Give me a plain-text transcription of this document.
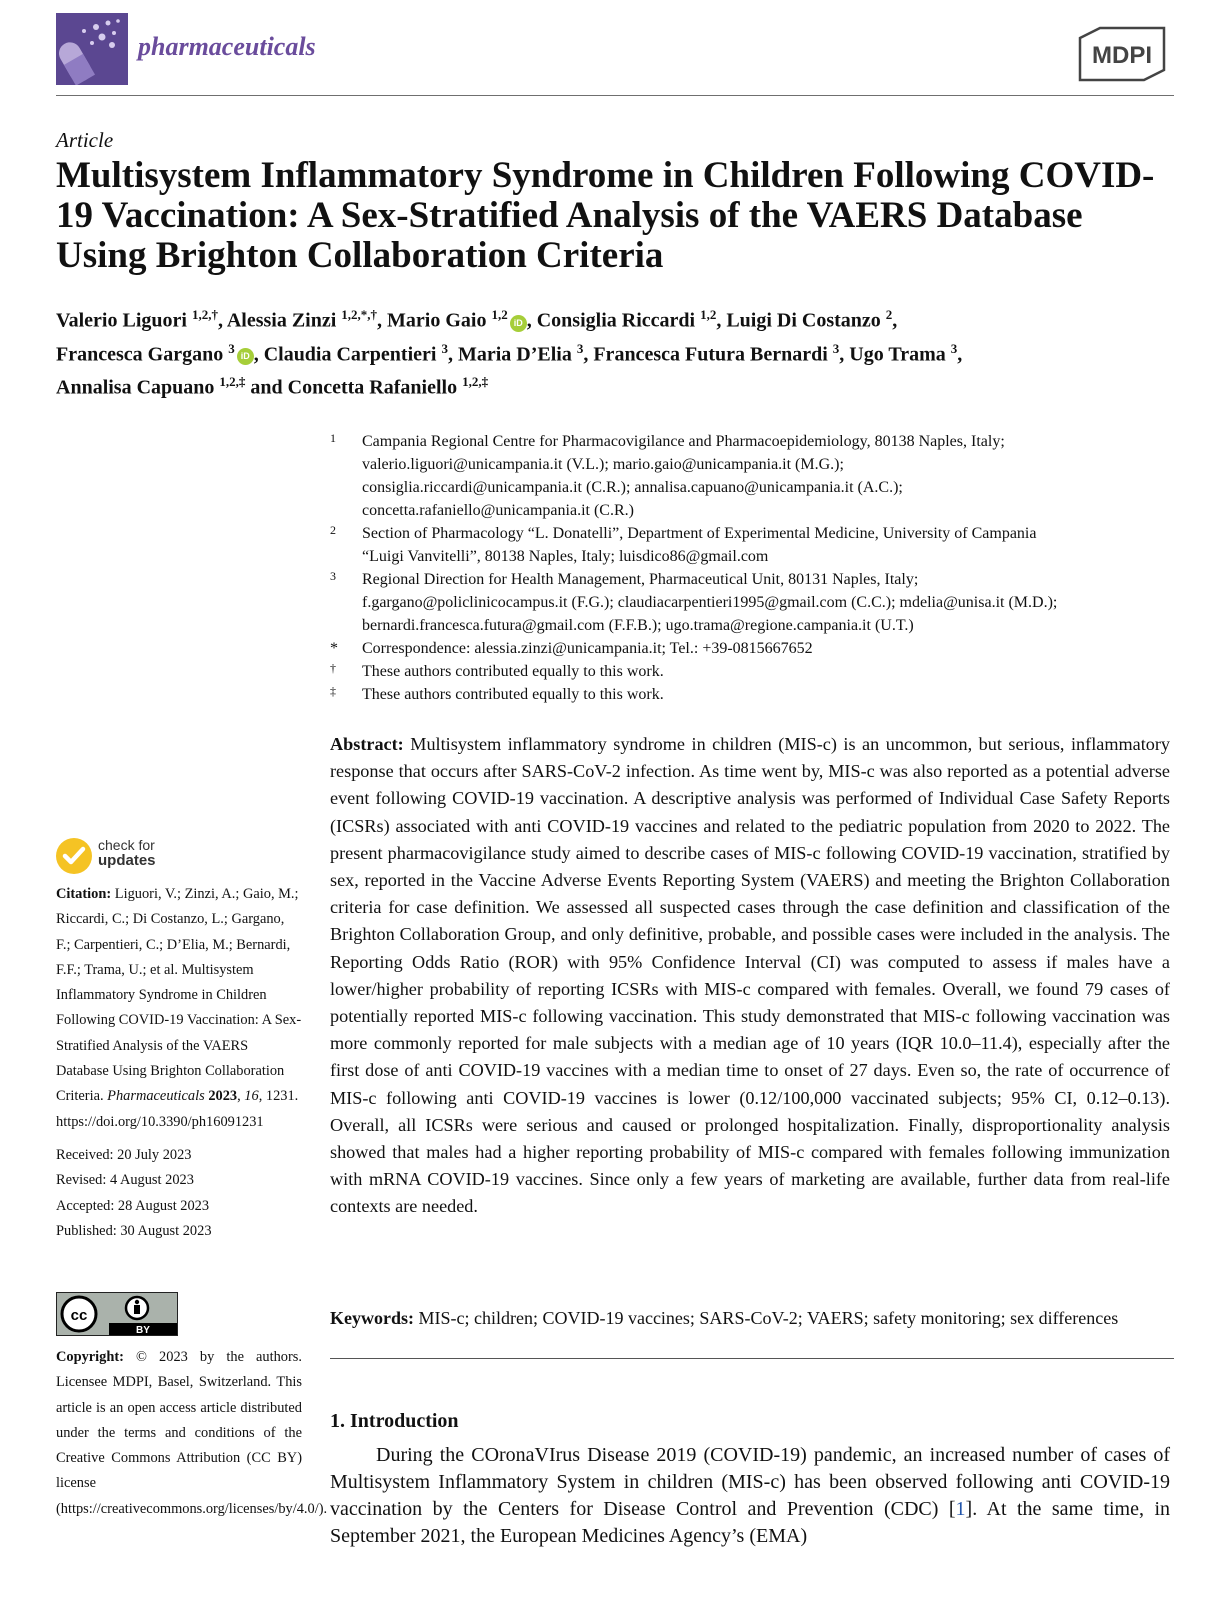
pharmaceuticals	MDPI
Article
Multisystem Inflammatory Syndrome in Children Following COVID-19 Vaccination: A Sex-Stratified Analysis of the VAERS Database Using Brighton Collaboration Criteria
Valerio Liguori $^{1,2,\dagger}$, Alessia Zinzi $^{1,2,*,\dagger}$, Mario Gaio $^{1,2}$iD , Consiglia Riccardi $^{1,2}$, Luigi Di Costanzo $^2$,
Francesca Gargano $^3$iD , Claudia Carpentieri $^3$, Maria D’Elia $^3$, Francesca Futura Bernardi $^3$, Ugo Trama $^3$,
Annalisa Capuano $^{1,2,\ddagger}$ and Concetta Rafaniello $^{1,2,\ddagger}$
1 Campania Regional Centre for Pharmacovigilance and Pharmacoepidemiology, 80138 Naples, Italy;
valerio.liguori@unicampania.it (V.L.); mario.gaio@unicampania.it (M.G.);
consiglia.riccardi@unicampania.it (C.R.); annalisa.capuano@unicampania.it (A.C.);
concetta.rafaniello@unicampania.it (C.R.)
2 Section of Pharmacology “L. Donatelli”, Department of Experimental Medicine, University of Campania
“Luigi Vanvitelli”, 80138 Naples, Italy; luisdico86@gmail.com
3 Regional Direction for Health Management, Pharmaceutical Unit, 80131 Naples, Italy;
f.gargano@policlinicocampus.it (F.G.); claudiacarpentieri1995@gmail.com (C.C.); mdelia@unisa.it (M.D.);
bernardi.francesca.futura@gmail.com (F.F.B.); ugo.trama@regione.campania.it (U.T.)
* Correspondence: alessia.zinzi@unicampania.it; Tel.: +39-0815667652
† These authors contributed equally to this work.
‡ These authors contributed equally to this work.
Abstract: Multisystem inflammatory syndrome in children (MIS-c) is an uncommon, but serious, inflammatory response that occurs after SARS-CoV-2 infection. As time went by, MIS-c was also reported as a potential adverse event following COVID-19 vaccination. A descriptive analysis was performed of Individual Case Safety Reports (ICSRs) associated with anti COVID-19 vaccines and related to the pediatric population from 2020 to 2022. The present pharmacovigilance study aimed to describe cases of MIS-c following COVID-19 vaccination, stratified by sex, reported in the Vaccine Adverse Events Reporting System (VAERS) and meeting the Brighton Collaboration criteria for case definition. We assessed all suspected cases through the case definition and classification of the Brighton Collaboration Group, and only definitive, probable, and possible cases were included in the analysis. The Reporting Odds Ratio (ROR) with 95% Confidence Interval (CI) was computed to assess if males have a lower/higher probability of reporting ICSRs with MIS-c compared with females. Overall, we found 79 cases of potentially reported MIS-c following vaccination. This study demonstrated that MIS-c following vaccination was more commonly reported for male subjects with a median age of 10 years (IQR 10.0–11.4), especially after the first dose of anti COVID-19 vaccines with a median time to onset of 27 days. Even so, the rate of occurrence of MIS-c following anti COVID-19 vaccines is lower (0.12/100,000 vaccinated subjects; 95% CI, 0.12–0.13). Overall, all ICSRs were serious and caused or prolonged hospitalization. Finally, disproportionality analysis showed that males had a higher reporting probability of MIS-c compared with females following immunization with mRNA COVID-19 vaccines. Since only a few years of marketing are available, further data from real-life contexts are needed.
Keywords: MIS-c; children; COVID-19 vaccines; SARS-CoV-2; VAERS; safety monitoring; sex differences
1. Introduction
During the COronaVIrus Disease 2019 (COVID-19) pandemic, an increased number of cases of Multisystem Inflammatory System in children (MIS-c) has been observed following anti COVID-19 vaccination by the Centers for Disease Control and Prevention (CDC) [1]. At the same time, in September 2021, the European Medicines Agency’s (EMA)
check for
updates
Citation: Liguori, V.; Zinzi, A.; Gaio, M.; Riccardi, C.; Di Costanzo, L.; Gargano, F.; Carpentieri, C.; D’Elia, M.; Bernardi, F.F.; Trama, U.; et al. Multisystem Inflammatory Syndrome in Children Following COVID-19 Vaccination: A Sex-Stratified Analysis of the VAERS Database Using Brighton Collaboration Criteria. Pharmaceuticals 2023, 16, 1231.
https://doi.org/10.3390/ph16091231
Received: 20 July 2023
Revised: 4 August 2023
Accepted: 28 August 2023
Published: 30 August 2023
BY
cc
Copyright: © 2023 by the authors. Licensee MDPI, Basel, Switzerland. This article is an open access article distributed under the terms and conditions of the Creative Commons Attribution (CC BY) license (https://creativecommons.org/licenses/by/4.0/).
